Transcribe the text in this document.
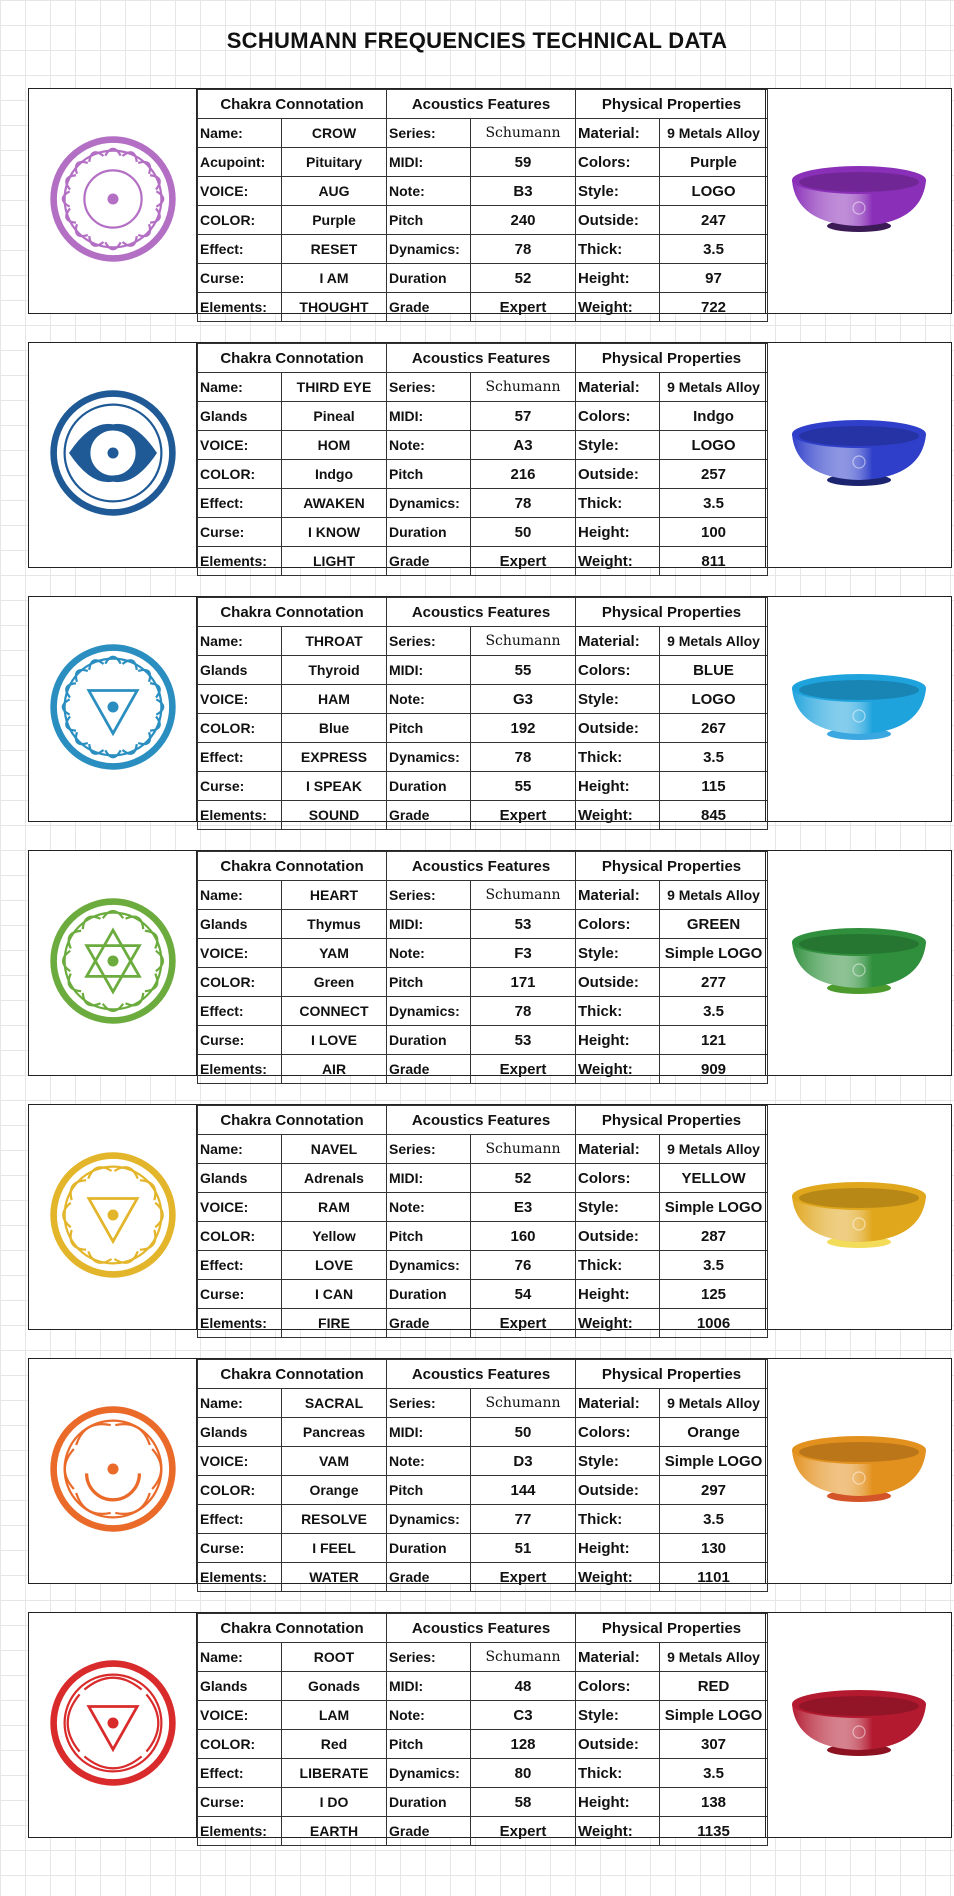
SCHUMANN FREQUENCIES TECHNICAL DATA
Chakra Connotation		Acoustics Features		Physical Properties	
Name:	CROW	Series:	Schumann	Material:	9 Metals Alloy
Acupoint:	Pituitary	MIDI:	59	Colors:	Purple
VOICE:	AUG	Note:	B3	Style:	LOGO
COLOR:	Purple	Pitch	240	Outside:	247
Effect:	RESET	Dynamics:	78	Thick:	3.5
Curse:	I AM	Duration	52	Height:	97
Elements:	THOUGHT	Grade	Expert	Weight:	722
Chakra Connotation		Acoustics Features		Physical Properties	
Name:	THIRD EYE	Series:	Schumann	Material:	9 Metals Alloy
Glands	Pineal	MIDI:	57	Colors:	Indgo
VOICE:	HOM	Note:	A3	Style:	LOGO
COLOR:	Indgo	Pitch	216	Outside:	257
Effect:	AWAKEN	Dynamics:	78	Thick:	3.5
Curse:	I KNOW	Duration	50	Height:	100
Elements:	LIGHT	Grade	Expert	Weight:	811
Chakra Connotation		Acoustics Features		Physical Properties	
Name:	THROAT	Series:	Schumann	Material:	9 Metals Alloy
Glands	Thyroid	MIDI:	55	Colors:	BLUE
VOICE:	HAM	Note:	G3	Style:	LOGO
COLOR:	Blue	Pitch	192	Outside:	267
Effect:	EXPRESS	Dynamics:	78	Thick:	3.5
Curse:	I SPEAK	Duration	55	Height:	115
Elements:	SOUND	Grade	Expert	Weight:	845
Chakra Connotation		Acoustics Features		Physical Properties	
Name:	HEART	Series:	Schumann	Material:	9 Metals Alloy
Glands	Thymus	MIDI:	53	Colors:	GREEN
VOICE:	YAM	Note:	F3	Style:	Simple LOGO
COLOR:	Green	Pitch	171	Outside:	277
Effect:	CONNECT	Dynamics:	78	Thick:	3.5
Curse:	I LOVE	Duration	53	Height:	121
Elements:	AIR	Grade	Expert	Weight:	909
Chakra Connotation		Acoustics Features		Physical Properties	
Name:	NAVEL	Series:	Schumann	Material:	9 Metals Alloy
Glands	Adrenals	MIDI:	52	Colors:	YELLOW
VOICE:	RAM	Note:	E3	Style:	Simple LOGO
COLOR:	Yellow	Pitch	160	Outside:	287
Effect:	LOVE	Dynamics:	76	Thick:	3.5
Curse:	I CAN	Duration	54	Height:	125
Elements:	FIRE	Grade	Expert	Weight:	1006
Chakra Connotation		Acoustics Features		Physical Properties	
Name:	SACRAL	Series:	Schumann	Material:	9 Metals Alloy
Glands	Pancreas	MIDI:	50	Colors:	Orange
VOICE:	VAM	Note:	D3	Style:	Simple LOGO
COLOR:	Orange	Pitch	144	Outside:	297
Effect:	RESOLVE	Dynamics:	77	Thick:	3.5
Curse:	I FEEL	Duration	51	Height:	130
Elements:	WATER	Grade	Expert	Weight:	1101
Chakra Connotation		Acoustics Features		Physical Properties	
Name:	ROOT	Series:	Schumann	Material:	9 Metals Alloy
Glands	Gonads	MIDI:	48	Colors:	RED
VOICE:	LAM	Note:	C3	Style:	Simple LOGO
COLOR:	Red	Pitch	128	Outside:	307
Effect:	LIBERATE	Dynamics:	80	Thick:	3.5
Curse:	I DO	Duration	58	Height:	138
Elements:	EARTH	Grade	Expert	Weight:	1135
